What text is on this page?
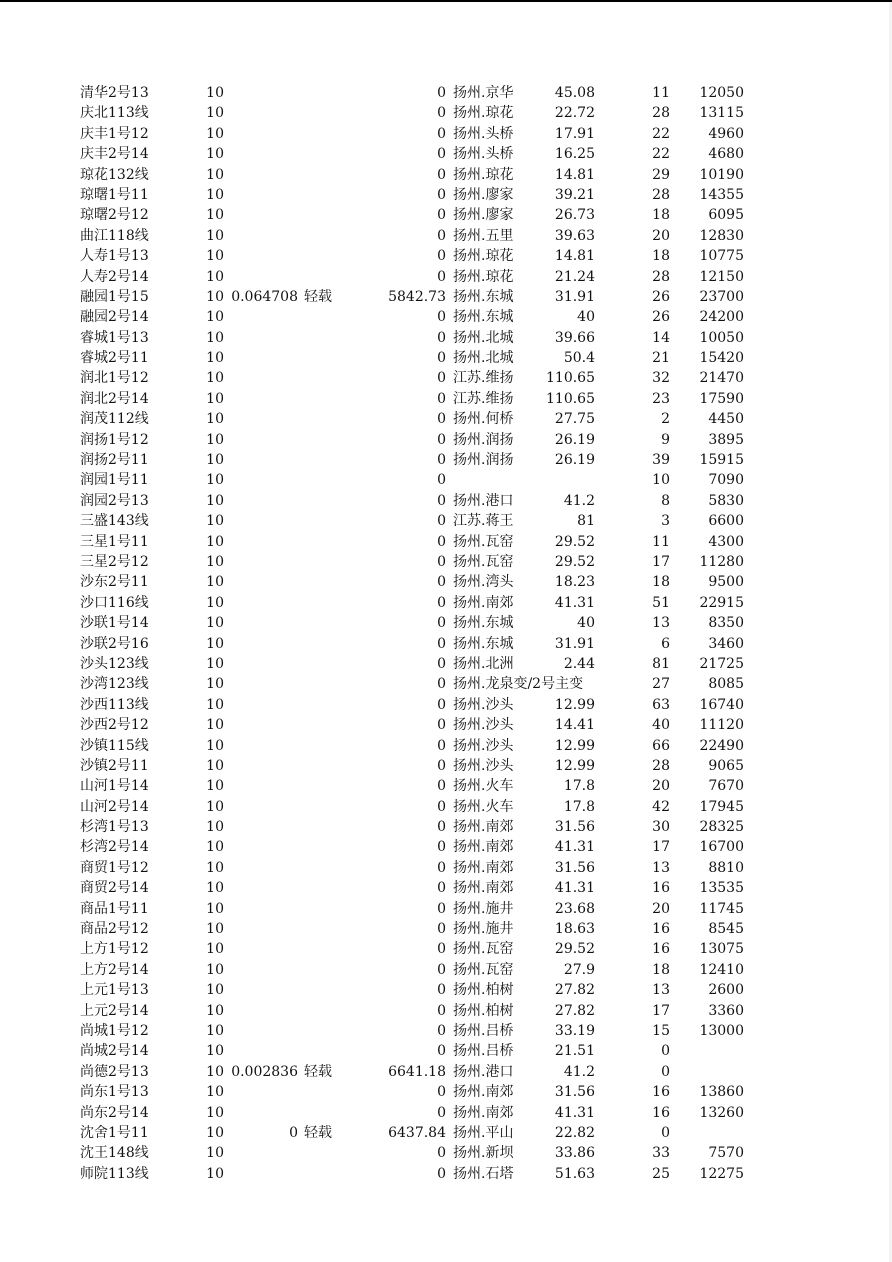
清华2号13	10	0 扬州.京华	45.08	11	12050
庆北113线	10	0 扬州.琼花	22.72	28	13115
庆丰1号12	10	0 扬州.头桥	17.91	22	4960
庆丰2号14	10	0 扬州.头桥	16.25	22	4680
琼花132线	10	0 扬州.琼花	14.81	29	10190
琼曙1号11	10	0 扬州.廖家	39.21	28	14355
琼曙2号12	10	0 扬州.廖家	26.73	18	6095
曲江118线	10	0 扬州.五里	39.63	20	12830
人寿1号13	10	0 扬州.琼花	14.81	18	10775
人寿2号14	10	0 扬州.琼花	21.24	28	12150
融园1号15	10 0.064708 轻载	5842.73 扬州.东城	31.91	26	23700
融园2号14	10	0 扬州.东城	40	26	24200
睿城1号13	10	0 扬州.北城	39.66	14	10050
睿城2号11	10	0 扬州.北城	50.4	21	15420
润北1号12	10	0 江苏.维扬	110.65	32	21470
润北2号14	10	0 江苏.维扬	110.65	23	17590
润茂112线	10	0 扬州.何桥	27.75	2	4450
润扬1号12	10	0 扬州.润扬	26.19	9	3895
润扬2号11	10	0 扬州.润扬	26.19	39	15915
润园1号11	10	0	10	7090
润园2号13	10	0 扬州.港口	41.2	8	5830
三盛143线	10	0 江苏.蒋王	81	3	6600
三星1号11	10	0 扬州.瓦窑	29.52	11	4300
三星2号12	10	0 扬州.瓦窑	29.52	17	11280
沙东2号11	10	0 扬州.湾头	18.23	18	9500
沙口116线	10	0 扬州.南郊	41.31	51	22915
沙联1号14	10	0 扬州.东城	40	13	8350
沙联2号16	10	0 扬州.东城	31.91	6	3460
沙头123线	10	0 扬州.北洲	2.44	81	21725
沙湾123线	10	0 扬州.龙泉变/2号主变	27	8085
沙西113线	10	0 扬州.沙头	12.99	63	16740
沙西2号12	10	0 扬州.沙头	14.41	40	11120
沙镇115线	10	0 扬州.沙头	12.99	66	22490
沙镇2号11	10	0 扬州.沙头	12.99	28	9065
山河1号14	10	0 扬州.火车	17.8	20	7670
山河2号14	10	0 扬州.火车	17.8	42	17945
杉湾1号13	10	0 扬州.南郊	31.56	30	28325
杉湾2号14	10	0 扬州.南郊	41.31	17	16700
商贸1号12	10	0 扬州.南郊	31.56	13	8810
商贸2号14	10	0 扬州.南郊	41.31	16	13535
商品1号11	10	0 扬州.施井	23.68	20	11745
商品2号12	10	0 扬州.施井	18.63	16	8545
上方1号12	10	0 扬州.瓦窑	29.52	16	13075
上方2号14	10	0 扬州.瓦窑	27.9	18	12410
上元1号13	10	0 扬州.柏树	27.82	13	2600
上元2号14	10	0 扬州.柏树	27.82	17	3360
尚城1号12	10	0 扬州.吕桥	33.19	15	13000
尚城2号14	10	0 扬州.吕桥	21.51	0
尚德2号13	10 0.002836 轻载	6641.18 扬州.港口	41.2	0
尚东1号13	10	0 扬州.南郊	31.56	16	13860
尚东2号14	10	0 扬州.南郊	41.31	16	13260
沈舍1号11	10	0 轻载	6437.84 扬州.平山	22.82	0
沈王148线	10	0 扬州.新坝	33.86	33	7570
师院113线	10	0 扬州.石塔	51.63	25	12275
